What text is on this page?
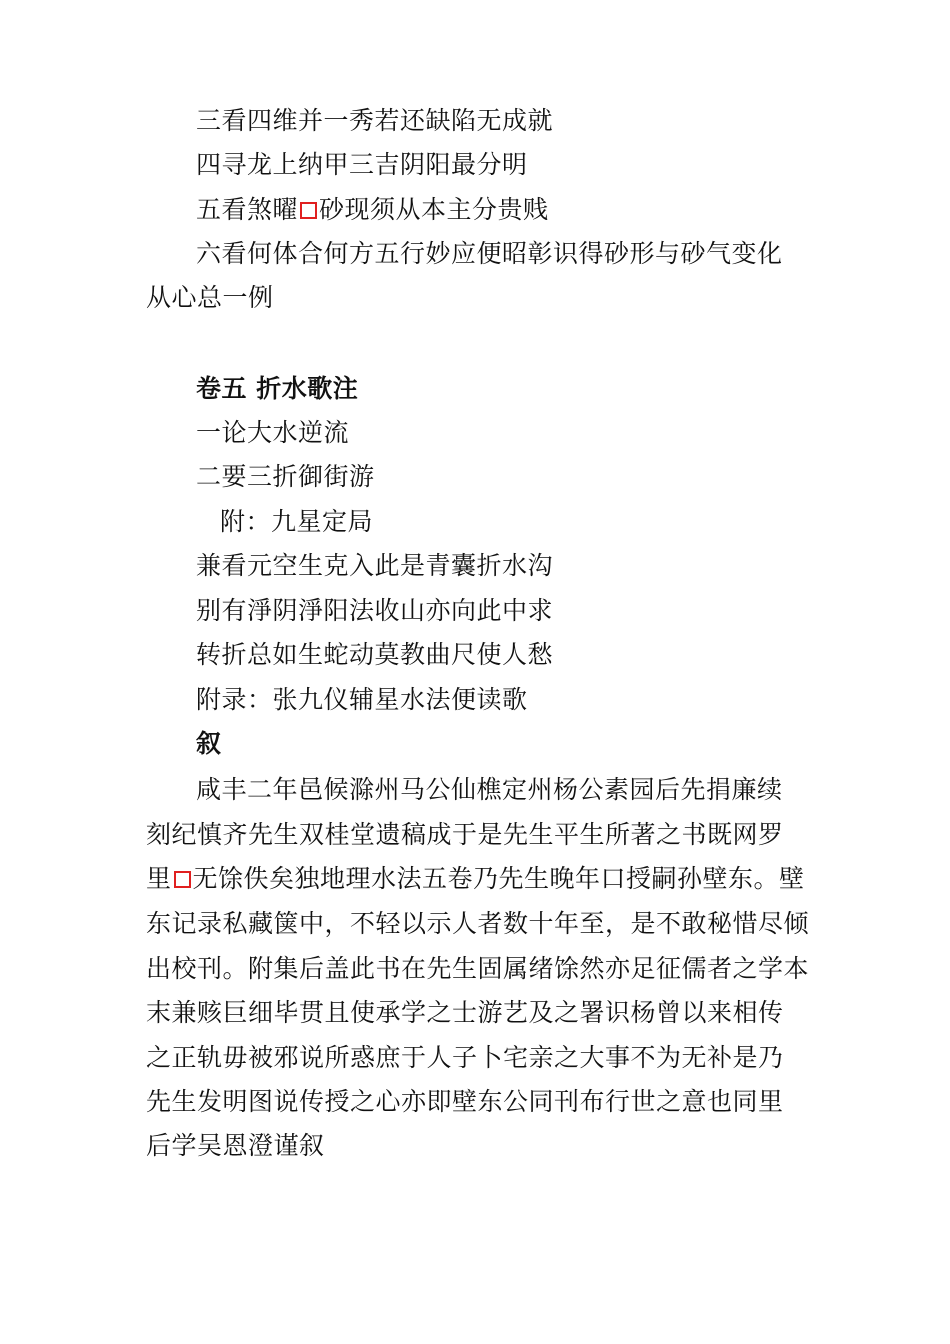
三看四维并一秀若还缺陷无成就
四寻龙上纳甲三吉阴阳最分明
五看煞曜 砂现须从本主分贵贱
六看何体合何方五行妙应便昭彰识得砂形与砂气变化
从心总一例
卷五 折水歌注
一论大水逆流
二要三折御街游
附：九星定局
兼看元空生克入此是青囊折水沟
别有淨阴淨阳法收山亦向此中求
转折总如生蛇动莫教曲尺使人愁
附录：张九仪辅星水法便读歌
叙
咸丰二年邑候滁州马公仙樵定州杨公素园后先捐廉续
刻纪慎齐先生双桂堂遗稿成于是先生平生所著之书既网罗
里 无馀佚矣独地理水法五卷乃先生晚年口授嗣孙壁东。壁
东记录私藏箧中，不轻以示人者数十年至，是不敢秘惜尽倾
出校刊。附集后盖此书在先生固属绪馀然亦足征儒者之学本
末兼赅巨细毕贯且使承学之士游艺及之署识杨曾以来相传
之正轨毋被邪说所惑庶于人子卜宅亲之大事不为无补是乃
先生发明图说传授之心亦即壁东公同刊布行世之意也同里
后学吴恩澄谨叙
